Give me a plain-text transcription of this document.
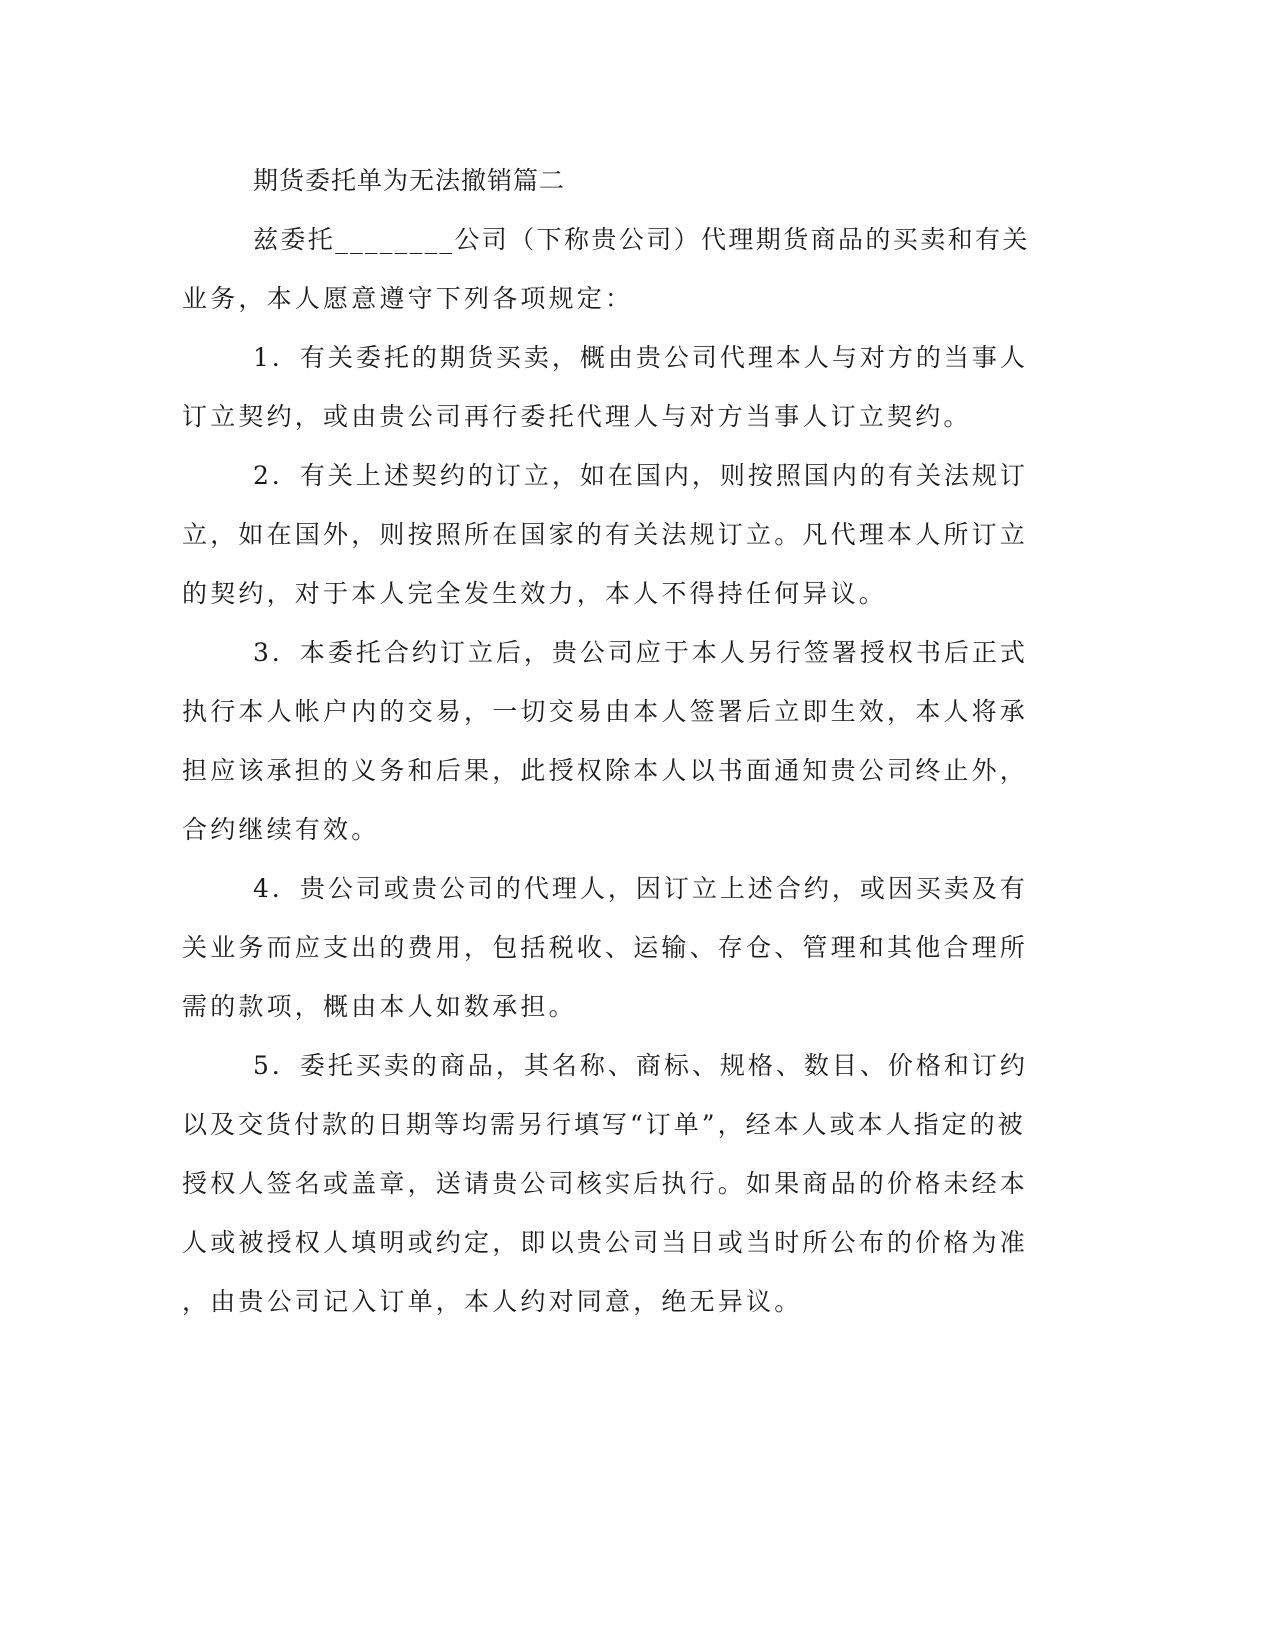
期货委托单为无法撤销篇二
兹委托________公司（下称贵公司）代理期货商品的买卖和有关
业务，本人愿意遵守下列各项规定：
1．有关委托的期货买卖，概由贵公司代理本人与对方的当事人
订立契约，或由贵公司再行委托代理人与对方当事人订立契约。
2．有关上述契约的订立，如在国内，则按照国内的有关法规订
立，如在国外，则按照所在国家的有关法规订立。凡代理本人所订立
的契约，对于本人完全发生效力，本人不得持任何异议。
3．本委托合约订立后，贵公司应于本人另行签署授权书后正式
执行本人帐户内的交易，一切交易由本人签署后立即生效，本人将承
担应该承担的义务和后果，此授权除本人以书面通知贵公司终止外，
合约继续有效。
4．贵公司或贵公司的代理人，因订立上述合约，或因买卖及有
关业务而应支出的费用，包括税收、运输、存仓、管理和其他合理所
需的款项，概由本人如数承担。
5．委托买卖的商品，其名称、商标、规格、数目、价格和订约
以及交货付款的日期等均需另行填写“订单”，经本人或本人指定的被
授权人签名或盖章，送请贵公司核实后执行。如果商品的价格未经本
人或被授权人填明或约定，即以贵公司当日或当时所公布的价格为准
，由贵公司记入订单，本人约对同意，绝无异议。
